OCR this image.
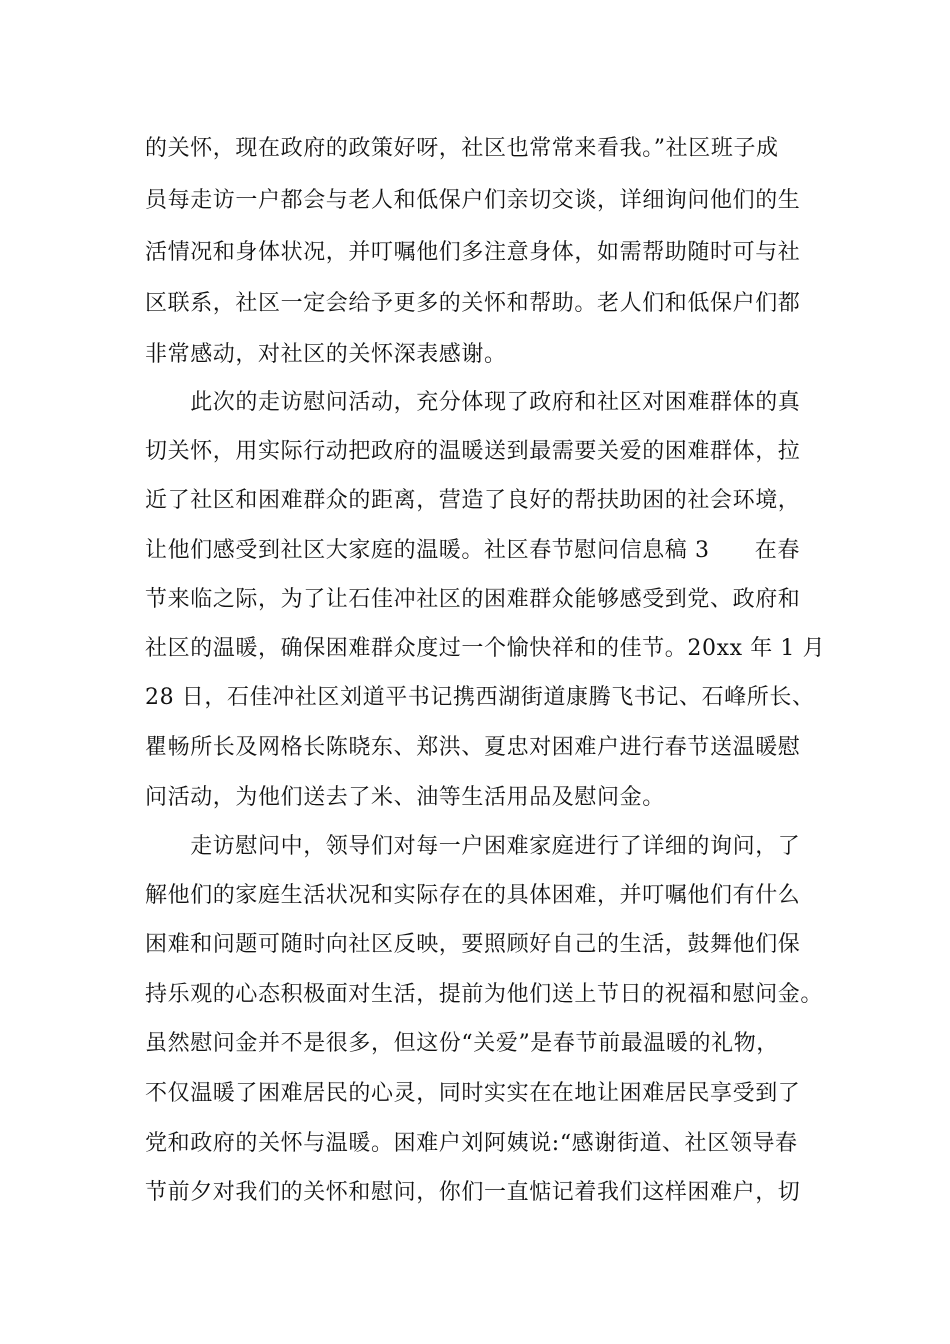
的关怀，现在政府的政策好呀，社区也常常来看我。”社区班子成
员每走访一户都会与老人和低保户们亲切交谈，详细询问他们的生
活情况和身体状况，并叮嘱他们多注意身体，如需帮助随时可与社
区联系，社区一定会给予更多的关怀和帮助。老人们和低保户们都
非常感动，对社区的关怀深表感谢。
　　此次的走访慰问活动，充分体现了政府和社区对困难群体的真
切关怀，用实际行动把政府的温暖送到最需要关爱的困难群体，拉
近了社区和困难群众的距离，营造了良好的帮扶助困的社会环境，
让他们感受到社区大家庭的温暖。社区春节慰问信息稿 3　　在春
节来临之际，为了让石佳冲社区的困难群众能够感受到党、政府和
社区的温暖，确保困难群众度过一个愉快祥和的佳节。20xx 年 1 月
28 日，石佳冲社区刘道平书记携西湖街道康腾飞书记、石峰所长、
瞿畅所长及网格长陈晓东、郑洪、夏忠对困难户进行春节送温暖慰
问活动，为他们送去了米、油等生活用品及慰问金。
　　走访慰问中，领导们对每一户困难家庭进行了详细的询问，了
解他们的家庭生活状况和实际存在的具体困难，并叮嘱他们有什么
困难和问题可随时向社区反映，要照顾好自己的生活，鼓舞他们保
持乐观的心态积极面对生活，提前为他们送上节日的祝福和慰问金。
虽然慰问金并不是很多，但这份“关爱”是春节前最温暖的礼物，
不仅温暖了困难居民的心灵，同时实实在在地让困难居民享受到了
党和政府的关怀与温暖。困难户刘阿姨说:“感谢街道、社区领导春
节前夕对我们的关怀和慰问，你们一直惦记着我们这样困难户，切
